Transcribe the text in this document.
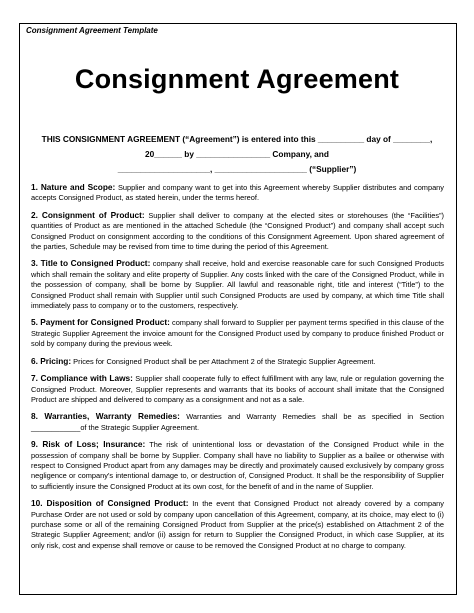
Consignment Agreement Template
Consignment Agreement
THIS CONSIGNMENT AGREEMENT (“Agreement”) is entered into this __________ day of ________,
20______ by ________________ Company, and
____________________, ____________________ (“Supplier”)

1. Nature and Scope: Supplier and company want to get into this Agreement whereby Supplier distributes and company accepts Consigned Product, as stated herein, under the terms hereof.

2. Consignment of Product: Supplier shall deliver to company at the elected sites or storehouses (the “Facilities”) quantities of Product as are mentioned in the attached Schedule (the “Consigned Product”) and company shall accept such Consigned Product on consignment according to the conditions of this Consignment Agreement. Upon shared agreement of the parties, Schedule may be revised from time to time during the period of this Agreement.

3. Title to Consigned Product: company shall receive, hold and exercise reasonable care for such Consigned Products which shall remain the solitary and elite property of Supplier. Any costs linked with the care of the Consigned Product, while in the possession of company, shall be borne by Supplier. All lawful and reasonable right, title and interest (“Title”) to the Consigned Product shall remain with Supplier until such Consigned Products are used by company, at which time Title shall immediately pass to company or to the customers, respectively.

5. Payment for Consigned Product: company shall forward to Supplier per payment terms specified in this clause of the Strategic Supplier Agreement the invoice amount for the Consigned Product used by company to produce finished Product or sold by company during the previous week.

6. Pricing: Prices for Consigned Product shall be per Attachment 2 of the Strategic Supplier Agreement.

7. Compliance with Laws: Supplier shall cooperate fully to effect fulfillment with any law, rule or regulation governing the Consigned Product. Moreover, Supplier represents and warrants that its books of account shall imitate that the Consigned Product are shipped and delivered to company as a consignment and not as a sale.

8. Warranties, Warranty Remedies: Warranties and Warranty Remedies shall be as specified in Section ____________of the Strategic Supplier Agreement.

9. Risk of Loss; Insurance: The risk of unintentional loss or devastation of the Consigned Product while in the possession of company shall be borne by Supplier. Company shall have no liability to Supplier as a bailee or otherwise with respect to Consigned Product apart from any damages may be directly and proximately caused exclusively by company gross negligence or company’s intentional damage to, or destruction of, Consigned Product. It shall be the responsibility of Supplier to sufficiently insure the Consigned Product at its own cost, for the benefit of and in the name of Supplier.

10. Disposition of Consigned Product: In the event that Consigned Product not already covered by a company Purchase Order are not used or sold by company upon cancellation of this Agreement, company, at its choice, may elect to (i) purchase some or all of the remaining Consigned Product from Supplier at the price(s) established on Attachment 2 of the Strategic Supplier Agreement; and/or (ii) assign for return to Supplier the Consigned Product, in which case Supplier, at its only risk, cost and expense shall remove or cause to be removed the Consigned Product at no charge to company.
